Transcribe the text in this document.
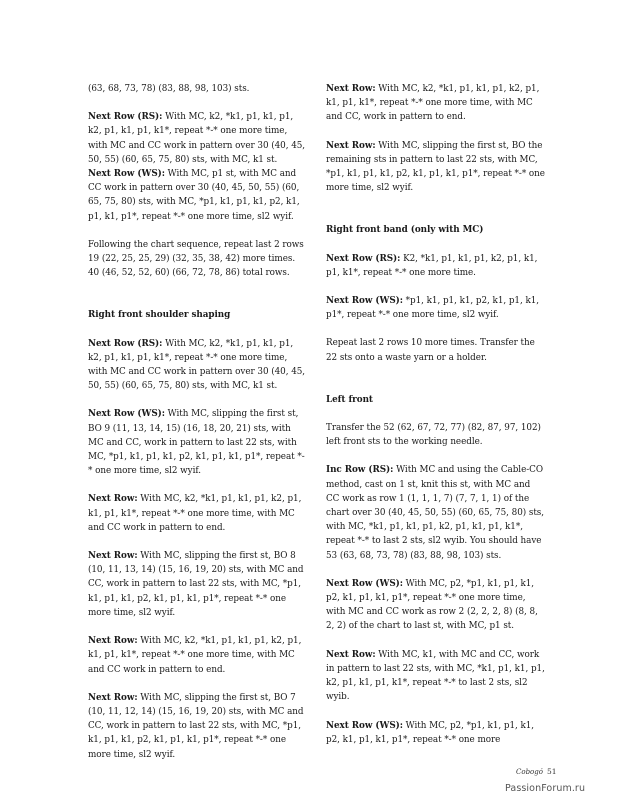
(63, 68, 73, 78) (83, 88, 98, 103) sts.

Next Row (RS): With MC, k2, *k1, p1, k1, p1, k2, p1, k1, p1, k1*, repeat *-* one more time, with MC and CC work in pattern over 30 (40, 45, 50, 55) (60, 65, 75, 80) sts, with MC, k1 st.

Next Row (WS): With MC, p1 st, with MC and CC work in pattern over 30 (40, 45, 50, 55) (60, 65, 75, 80) sts, with MC, *p1, k1, p1, k1, p2, k1, p1, k1, p1*, repeat *-* one more time, sl2 wyif.

Following the chart sequence, repeat last 2 rows 19 (22, 25, 25, 29) (32, 35, 38, 42) more times. 40 (46, 52, 52, 60) (66, 72, 78, 86) total rows.

Right front shoulder shaping

Next Row (RS): With MC, k2, *k1, p1, k1, p1, k2, p1, k1, p1, k1*, repeat *-* one more time, with MC and CC work in pattern over 30 (40, 45, 50, 55) (60, 65, 75, 80) sts, with MC, k1 st.

Next Row (WS): With MC, slipping the first st, BO 9 (11, 13, 14, 15) (16, 18, 20, 21) sts, with MC and CC, work in pattern to last 22 sts, with MC, *p1, k1, p1, k1, p2, k1, p1, k1, p1*, repeat *-* one more time, sl2 wyif.

Next Row: With MC, k2, *k1, p1, k1, p1, k2, p1, k1, p1, k1*, repeat *-* one more time, with MC and CC work in pattern to end.

Next Row: With MC, slipping the first st, BO 8 (10, 11, 13, 14) (15, 16, 19, 20) sts, with MC and CC, work in pattern to last 22 sts, with MC, *p1, k1, p1, k1, p2, k1, p1, k1, p1*, repeat *-* one more time, sl2 wyif.

Next Row: With MC, k2, *k1, p1, k1, p1, k2, p1, k1, p1, k1*, repeat *-* one more time, with MC and CC work in pattern to end.

Next Row: With MC, slipping the first st, BO 7 (10, 11, 12, 14) (15, 16, 19, 20) sts, with MC and CC, work in pattern to last 22 sts, with MC, *p1, k1, p1, k1, p2, k1, p1, k1, p1*, repeat *-* one more time, sl2 wyif.

Next Row: With MC, k2, *k1, p1, k1, p1, k2, p1, k1, p1, k1*, repeat *-* one more time, with MC and CC, work in pattern to end.

Next Row: With MC, slipping the first st, BO the remaining sts in pattern to last 22 sts, with MC, *p1, k1, p1, k1, p2, k1, p1, k1, p1*, repeat *-* one more time, sl2 wyif.

Right front band (only with MC)

Next Row (RS): K2, *k1, p1, k1, p1, k2, p1, k1, p1, k1*, repeat *-* one more time.

Next Row (WS): *p1, k1, p1, k1, p2, k1, p1, k1, p1*, repeat *-* one more time, sl2 wyif.

Repeat last 2 rows 10 more times. Transfer the 22 sts onto a waste yarn or a holder.

Left front

Transfer the 52 (62, 67, 72, 77) (82, 87, 97, 102) left front sts to the working needle.

Inc Row (RS): With MC and using the Cable-CO method, cast on 1 st, knit this st, with MC and CC work as row 1 (1, 1, 1, 7) (7, 7, 1, 1) of the chart over 30 (40, 45, 50, 55) (60, 65, 75, 80) sts, with MC, *k1, p1, k1, p1, k2, p1, k1, p1, k1*, repeat *-* to last 2 sts, sl2 wyib. You should have 53 (63, 68, 73, 78) (83, 88, 98, 103) sts.

Next Row (WS): With MC, p2, *p1, k1, p1, k1, p2, k1, p1, k1, p1*, repeat *-* one more time, with MC and CC work as row 2 (2, 2, 2, 8) (8, 8, 2, 2) of the chart to last st, with MC, p1 st.

Next Row: With MC, k1, with MC and CC, work in pattern to last 22 sts, with MC, *k1, p1, k1, p1, k2, p1, k1, p1, k1*, repeat *-* to last 2 sts, sl2 wyib.

Next Row (WS): With MC, p2, *p1, k1, p1, k1, p2, k1, p1, k1, p1*, repeat *-* one more

Cobogó 51
PassionForum.ru
